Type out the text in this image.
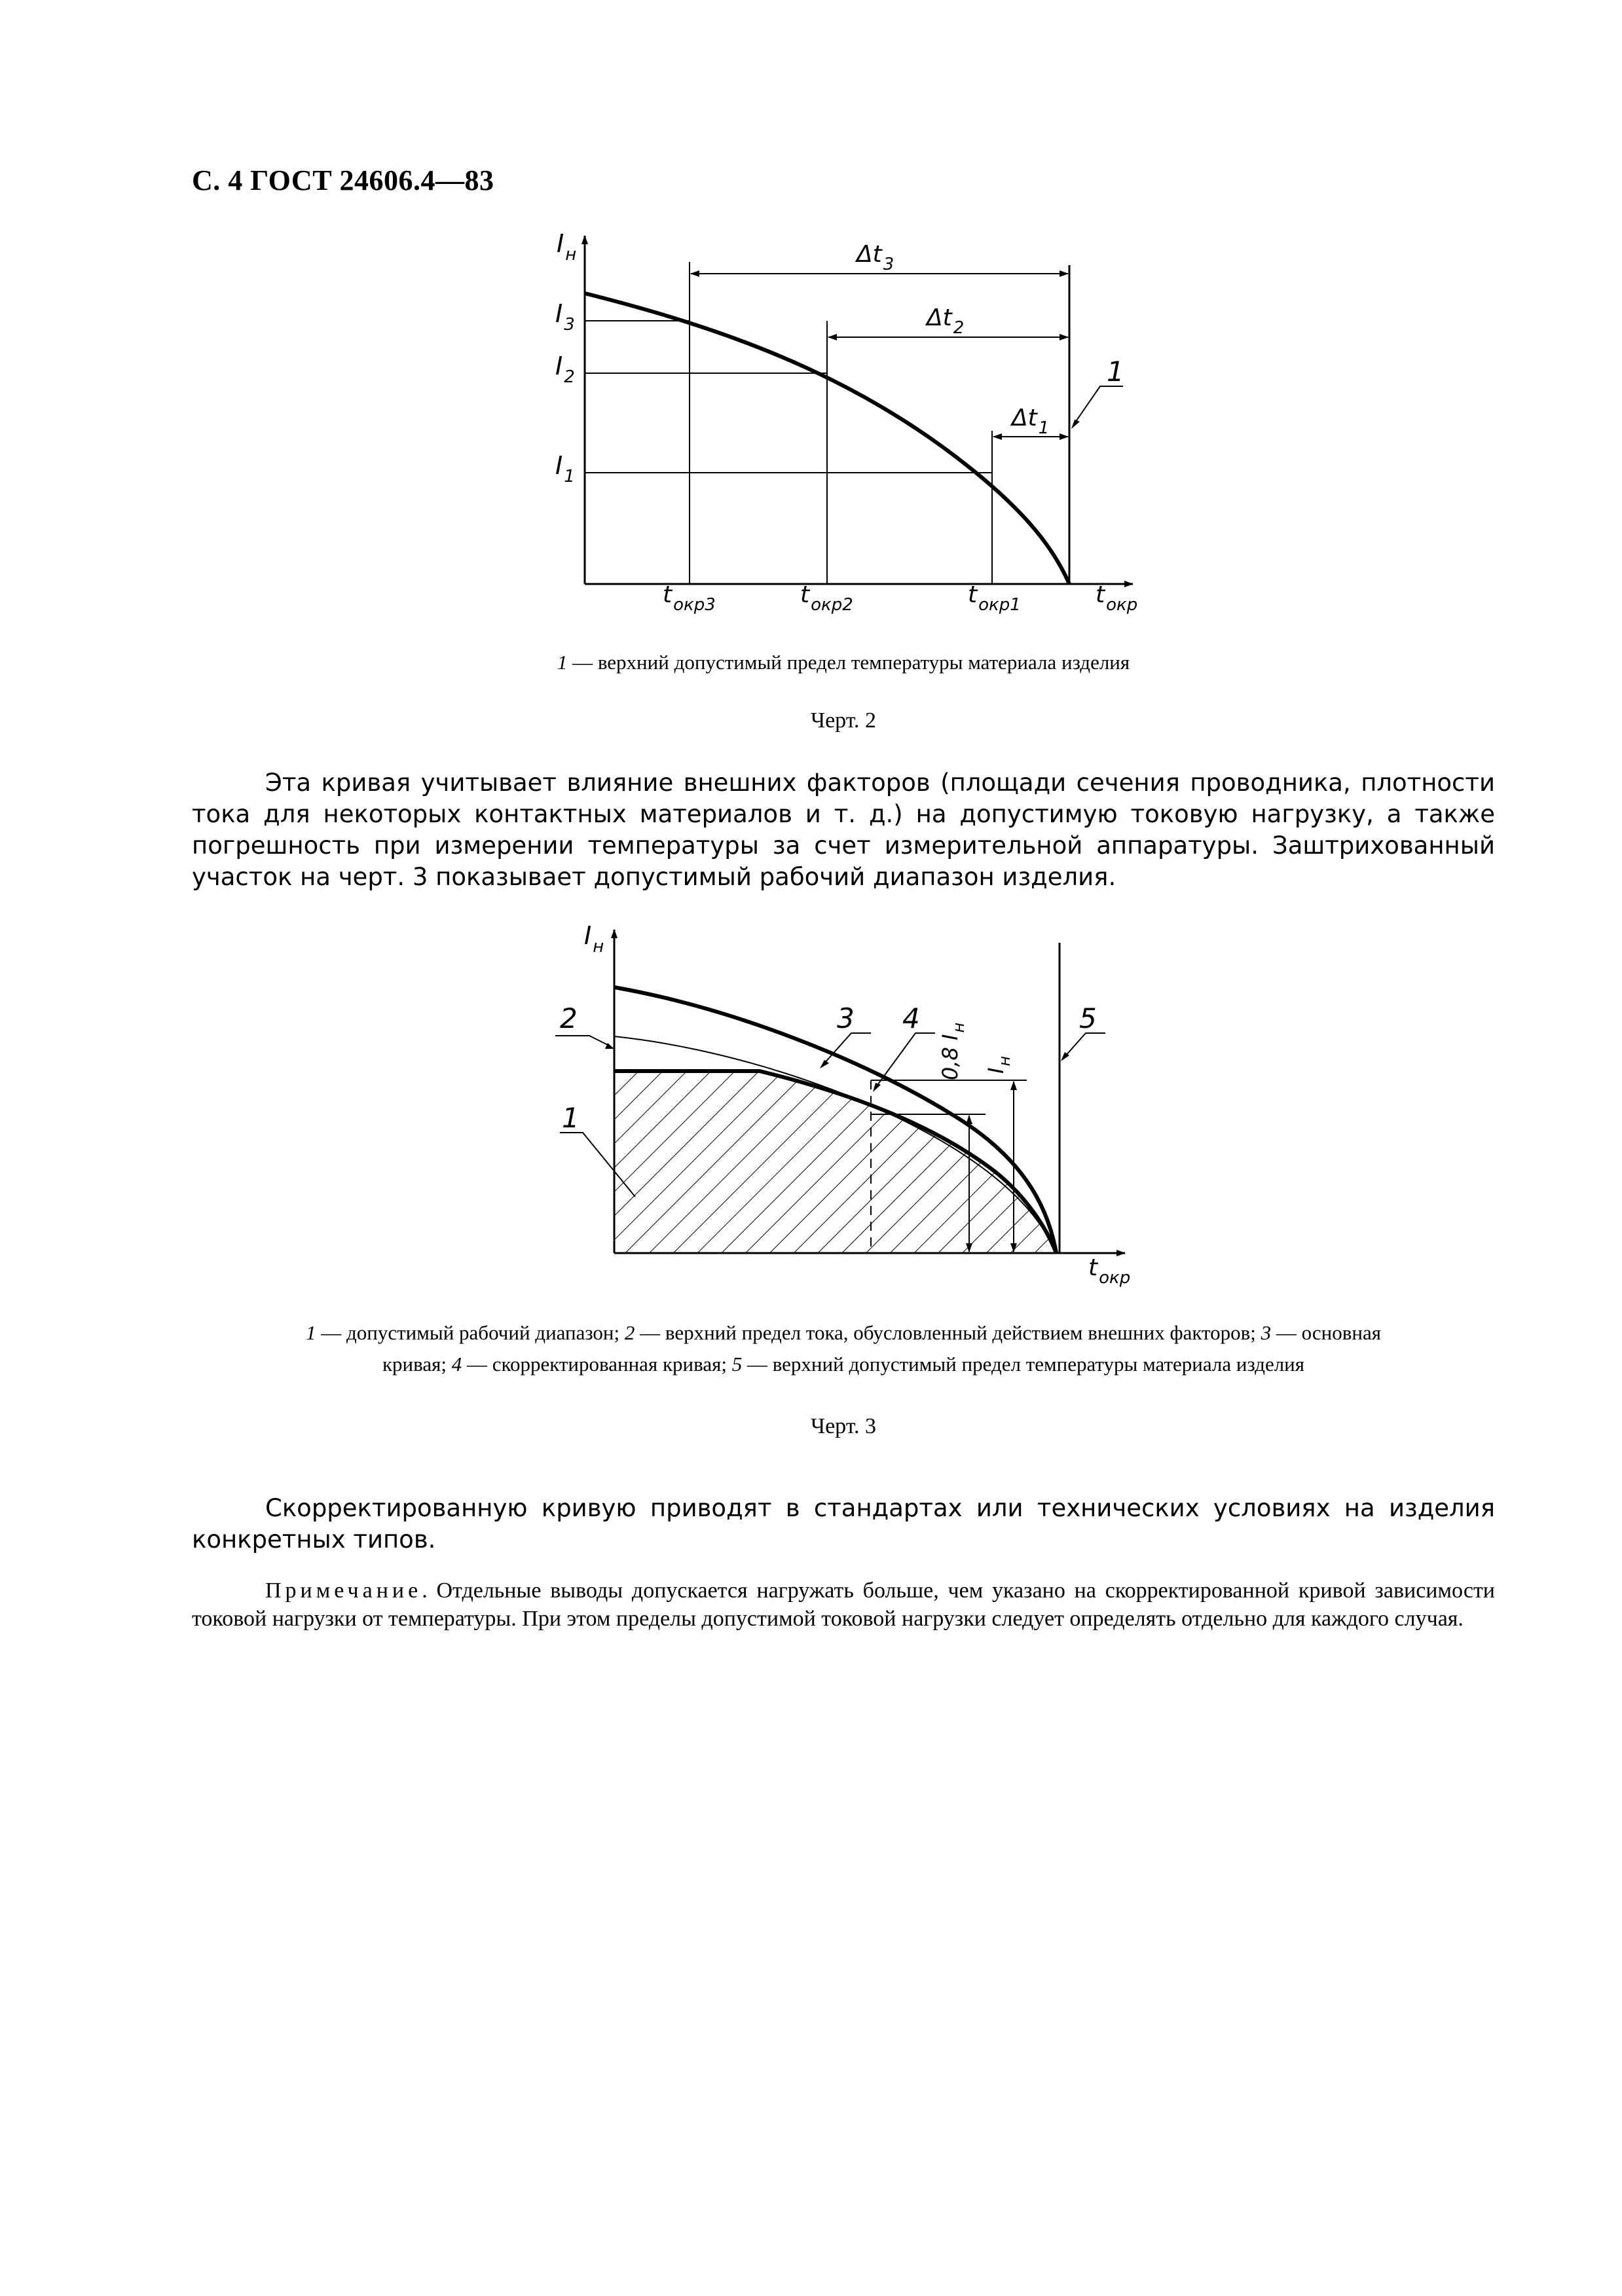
С. 4 ГОСТ 24606.4—83
1
$I_н$
$I_3$
$I_2$
$I_1$
$t_{окр3}$	$t_{окр2}$	$t_{окр1}$	$t_{окр}$
$\Delta t_3$
$\Delta t_2$
$\Delta t_1$
1 — верхний допустимый предел температуры материала изделия
Черт. 2
Эта кривая учитывает влияние внешних факторов (площади сечения проводника, плотности тока для некоторых контактных материалов и т. д.) на допустимую токовую нагрузку, а также погрешность при измерении температуры за счет измерительной аппаратуры. Заштрихованный участок на черт. 3 показывает допустимый рабочий диапазон изделия.
0,8 $I_н$
$I_н$
1
2	3 4	5
$I_н$
$t_{окр}$
1 — допустимый рабочий диапазон; 2 — верхний предел тока, обусловленный действием внешних факторов; 3 — основная
кривая; 4 — скорректированная кривая; 5 — верхний допустимый предел температуры материала изделия
Черт. 3
Скорректированную кривую приводят в стандартах или технических условиях на изделия конкретных типов.
Примечание. Отдельные выводы допускается нагружать больше, чем указано на скорректированной кривой зависимости токовой нагрузки от температуры. При этом пределы допустимой токовой нагрузки следует определять отдельно для каждого случая.
